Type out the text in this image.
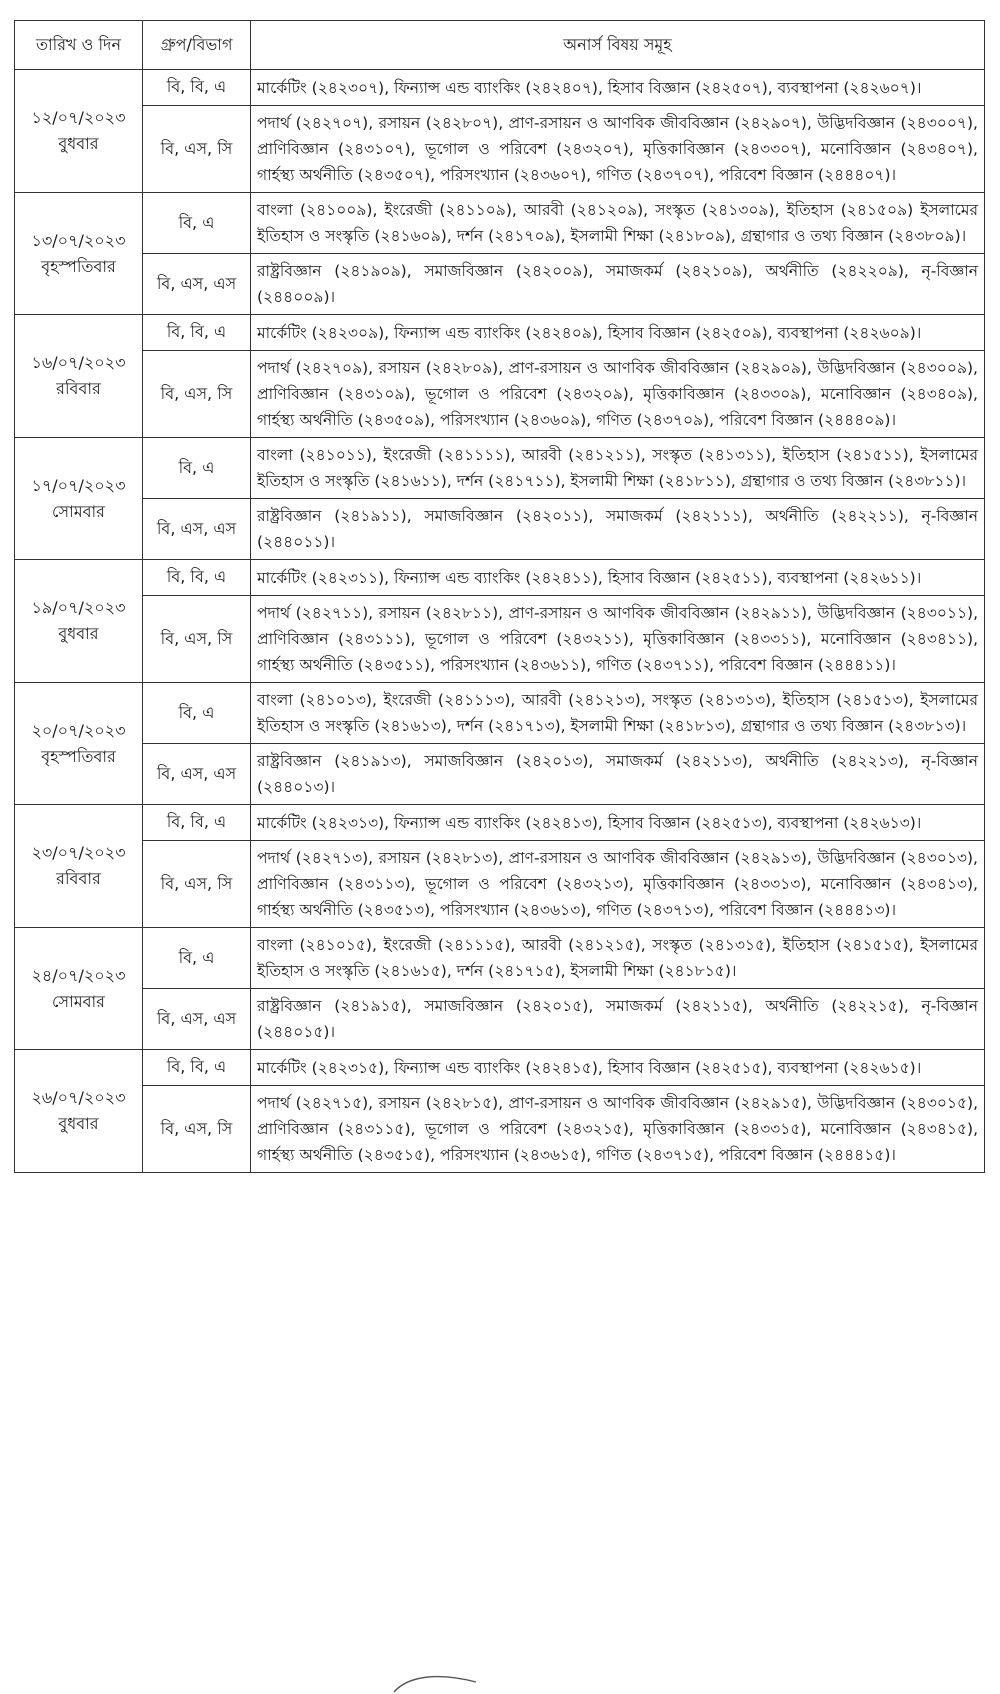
তারিখ ও দিন	গ্রুপ/বিভাগ	অনার্স বিষয় সমূহ

১২/০৭/২০২৩
বুধবার	বি, বি, এ	মার্কেটিং (২৪২৩০৭), ফিন্যান্স এন্ড ব্যাংকিং (২৪২৪০৭), হিসাব বিজ্ঞান (২৪২৫০৭), ব্যবস্থাপনা (২৪২৬০৭)।
	বি, এস, সি	পদার্থ (২৪২৭০৭), রসায়ন (২৪২৮০৭), প্রাণ-রসায়ন ও আণবিক জীববিজ্ঞান (২৪২৯০৭), উদ্ভিদবিজ্ঞান (২৪৩০০৭), প্রাণিবিজ্ঞান (২৪৩১০৭), ভূগোল ও পরিবেশ (২৪৩২০৭), মৃত্তিকাবিজ্ঞান (২৪৩৩০৭), মনোবিজ্ঞান (২৪৩৪০৭), গার্হস্থ্য অর্থনীতি (২৪৩৫০৭), পরিসংখ্যান (২৪৩৬০৭), গণিত (২৪৩৭০৭), পরিবেশ বিজ্ঞান (২৪৪৪০৭)।

১৩/০৭/২০২৩
বৃহস্পতিবার	বি, এ	বাংলা (২৪১০০৯), ইংরেজী (২৪১১০৯), আরবী (২৪১২০৯), সংস্কৃত (২৪১৩০৯), ইতিহাস (২৪১৫০৯) ইসলামের ইতিহাস ও সংস্কৃতি (২৪১৬০৯), দর্শন (২৪১৭০৯), ইসলামী শিক্ষা (২৪১৮০৯), গ্রন্থাগার ও তথ্য বিজ্ঞান (২৪৩৮০৯)।
	বি, এস, এস	রাষ্ট্রবিজ্ঞান (২৪১৯০৯), সমাজবিজ্ঞান (২৪২০০৯), সমাজকর্ম (২৪২১০৯), অর্থনীতি (২৪২২০৯), নৃ-বিজ্ঞান (২৪৪০০৯)।

১৬/০৭/২০২৩
রবিবার	বি, বি, এ	মার্কেটিং (২৪২৩০৯), ফিন্যান্স এন্ড ব্যাংকিং (২৪২৪০৯), হিসাব বিজ্ঞান (২৪২৫০৯), ব্যবস্থাপনা (২৪২৬০৯)।
	বি, এস, সি	পদার্থ (২৪২৭০৯), রসায়ন (২৪২৮০৯), প্রাণ-রসায়ন ও আণবিক জীববিজ্ঞান (২৪২৯০৯), উদ্ভিদবিজ্ঞান (২৪৩০০৯), প্রাণিবিজ্ঞান (২৪৩১০৯), ভূগোল ও পরিবেশ (২৪৩২০৯), মৃত্তিকাবিজ্ঞান (২৪৩৩০৯), মনোবিজ্ঞান (২৪৩৪০৯), গার্হস্থ্য অর্থনীতি (২৪৩৫০৯), পরিসংখ্যান (২৪৩৬০৯), গণিত (২৪৩৭০৯), পরিবেশ বিজ্ঞান (২৪৪৪০৯)।

১৭/০৭/২০২৩
সোমবার	বি, এ	বাংলা (২৪১০১১), ইংরেজী (২৪১১১১), আরবী (২৪১২১১), সংস্কৃত (২৪১৩১১), ইতিহাস (২৪১৫১১), ইসলামের ইতিহাস ও সংস্কৃতি (২৪১৬১১), দর্শন (২৪১৭১১), ইসলামী শিক্ষা (২৪১৮১১), গ্রন্থাগার ও তথ্য বিজ্ঞান (২৪৩৮১১)।
	বি, এস, এস	রাষ্ট্রবিজ্ঞান (২৪১৯১১), সমাজবিজ্ঞান (২৪২০১১), সমাজকর্ম (২৪২১১১), অর্থনীতি (২৪২২১১), নৃ-বিজ্ঞান (২৪৪০১১)।

১৯/০৭/২০২৩
বুধবার	বি, বি, এ	মার্কেটিং (২৪২৩১১), ফিন্যান্স এন্ড ব্যাংকিং (২৪২৪১১), হিসাব বিজ্ঞান (২৪২৫১১), ব্যবস্থাপনা (২৪২৬১১)।
	বি, এস, সি	পদার্থ (২৪২৭১১), রসায়ন (২৪২৮১১), প্রাণ-রসায়ন ও আণবিক জীববিজ্ঞান (২৪২৯১১), উদ্ভিদবিজ্ঞান (২৪৩০১১), প্রাণিবিজ্ঞান (২৪৩১১১), ভূগোল ও পরিবেশ (২৪৩২১১), মৃত্তিকাবিজ্ঞান (২৪৩৩১১), মনোবিজ্ঞান (২৪৩৪১১), গার্হস্থ্য অর্থনীতি (২৪৩৫১১), পরিসংখ্যান (২৪৩৬১১), গণিত (২৪৩৭১১), পরিবেশ বিজ্ঞান (২৪৪৪১১)।

২০/০৭/২০২৩
বৃহস্পতিবার	বি, এ	বাংলা (২৪১০১৩), ইংরেজী (২৪১১১৩), আরবী (২৪১২১৩), সংস্কৃত (২৪১৩১৩), ইতিহাস (২৪১৫১৩), ইসলামের ইতিহাস ও সংস্কৃতি (২৪১৬১৩), দর্শন (২৪১৭১৩), ইসলামী শিক্ষা (২৪১৮১৩), গ্রন্থাগার ও তথ্য বিজ্ঞান (২৪৩৮১৩)।
	বি, এস, এস	রাষ্ট্রবিজ্ঞান (২৪১৯১৩), সমাজবিজ্ঞান (২৪২০১৩), সমাজকর্ম (২৪২১১৩), অর্থনীতি (২৪২২১৩), নৃ-বিজ্ঞান (২৪৪০১৩)।

২৩/০৭/২০২৩
রবিবার	বি, বি, এ	মার্কেটিং (২৪২৩১৩), ফিন্যান্স এন্ড ব্যাংকিং (২৪২৪১৩), হিসাব বিজ্ঞান (২৪২৫১৩), ব্যবস্থাপনা (২৪২৬১৩)।
	বি, এস, সি	পদার্থ (২৪২৭১৩), রসায়ন (২৪২৮১৩), প্রাণ-রসায়ন ও আণবিক জীববিজ্ঞান (২৪২৯১৩), উদ্ভিদবিজ্ঞান (২৪৩০১৩), প্রাণিবিজ্ঞান (২৪৩১১৩), ভূগোল ও পরিবেশ (২৪৩২১৩), মৃত্তিকাবিজ্ঞান (২৪৩৩১৩), মনোবিজ্ঞান (২৪৩৪১৩), গার্হস্থ্য অর্থনীতি (২৪৩৫১৩), পরিসংখ্যান (২৪৩৬১৩), গণিত (২৪৩৭১৩), পরিবেশ বিজ্ঞান (২৪৪৪১৩)।

২৪/০৭/২০২৩
সোমবার	বি, এ	বাংলা (২৪১০১৫), ইংরেজী (২৪১১১৫), আরবী (২৪১২১৫), সংস্কৃত (২৪১৩১৫), ইতিহাস (২৪১৫১৫), ইসলামের ইতিহাস ও সংস্কৃতি (২৪১৬১৫), দর্শন (২৪১৭১৫), ইসলামী শিক্ষা (২৪১৮১৫)।
	বি, এস, এস	রাষ্ট্রবিজ্ঞান (২৪১৯১৫), সমাজবিজ্ঞান (২৪২০১৫), সমাজকর্ম (২৪২১১৫), অর্থনীতি (২৪২২১৫), নৃ-বিজ্ঞান (২৪৪০১৫)।

২৬/০৭/২০২৩
বুধবার	বি, বি, এ	মার্কেটিং (২৪২৩১৫), ফিন্যান্স এন্ড ব্যাংকিং (২৪২৪১৫), হিসাব বিজ্ঞান (২৪২৫১৫), ব্যবস্থাপনা (২৪২৬১৫)।
	বি, এস, সি	পদার্থ (২৪২৭১৫), রসায়ন (২৪২৮১৫), প্রাণ-রসায়ন ও আণবিক জীববিজ্ঞান (২৪২৯১৫), উদ্ভিদবিজ্ঞান (২৪৩০১৫), প্রাণিবিজ্ঞান (২৪৩১১৫), ভূগোল ও পরিবেশ (২৪৩২১৫), মৃত্তিকাবিজ্ঞান (২৪৩৩১৫), মনোবিজ্ঞান (২৪৩৪১৫), গার্হস্থ্য অর্থনীতি (২৪৩৫১৫), পরিসংখ্যান (২৪৩৬১৫), গণিত (২৪৩৭১৫), পরিবেশ বিজ্ঞান (২৪৪৪১৫)।
